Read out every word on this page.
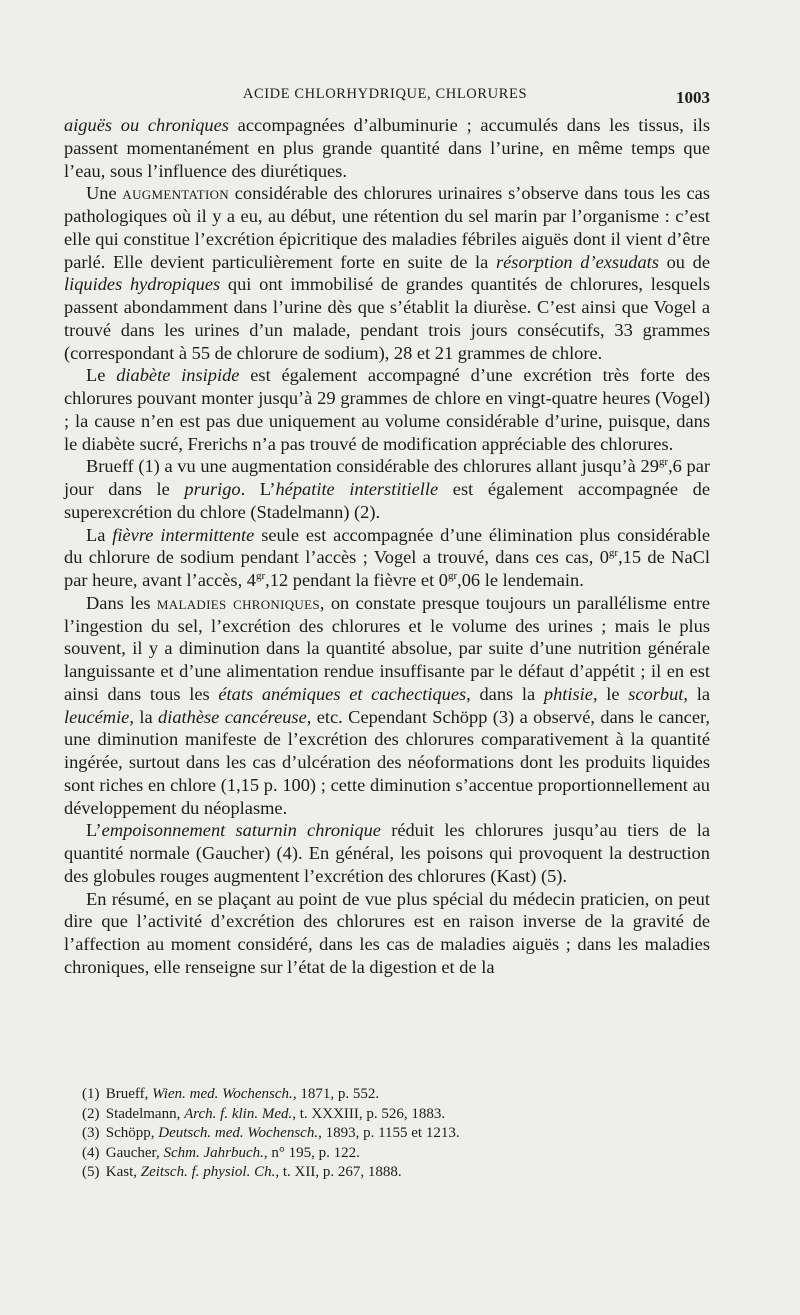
ACIDE CHLORHYDRIQUE, CHLORURES	1003

aiguës ou chroniques accompagnées d’albuminurie ; accumulés dans les tissus, ils passent momentanément en plus grande quantité dans l’urine, en même temps que l’eau, sous l’influence des diurétiques.

Une augmentation considérable des chlorures urinaires s’observe dans tous les cas pathologiques où il y a eu, au début, une rétention du sel marin par l’organisme : c’est elle qui constitue l’excrétion épicritique des maladies fébriles aiguës dont il vient d’être parlé. Elle devient particulièrement forte en suite de la résorption d’exsudats ou de liquides hydropiques qui ont immobilisé de grandes quantités de chlorures, lesquels passent abondamment dans l’urine dès que s’établit la diurèse. C’est ainsi que Vogel a trouvé dans les urines d’un malade, pendant trois jours consécutifs, 33 grammes (correspondant à 55 de chlorure de sodium), 28 et 21 grammes de chlore.

Le diabète insipide est également accompagné d’une excrétion très forte des chlorures pouvant monter jusqu’à 29 grammes de chlore en vingt-quatre heures (Vogel) ; la cause n’en est pas due uniquement au volume considérable d’urine, puisque, dans le diabète sucré, Frerichs n’a pas trouvé de modification appréciable des chlorures.

Brueff (1) a vu une augmentation considérable des chlorures allant jusqu’à $29^{gr},6$ par jour dans le prurigo. L’hépatite interstitielle est également accompagnée de superexcrétion du chlore (Stadelmann) (2).

La fièvre intermittente seule est accompagnée d’une élimination plus considérable du chlorure de sodium pendant l’accès ; Vogel a trouvé, dans ces cas, $0^{gr},15$ de NaCl par heure, avant l’accès, $4^{gr},12$ pendant la fièvre et $0^{gr},06$ le lendemain.

Dans les maladies chroniques, on constate presque toujours un parallélisme entre l’ingestion du sel, l’excrétion des chlorures et le volume des urines ; mais le plus souvent, il y a diminution dans la quantité absolue, par suite d’une nutrition générale languissante et d’une alimentation rendue insuffisante par le défaut d’appétit ; il en est ainsi dans tous les états anémiques et cachectiques, dans la phtisie, le scorbut, la leucémie, la diathèse cancéreuse, etc. Cependant Schöpp (3) a observé, dans le cancer, une diminution manifeste de l’excrétion des chlorures comparativement à la quantité ingérée, surtout dans les cas d’ulcération des néoformations dont les produits liquides sont riches en chlore (1,15 p. 100) ; cette diminution s’accentue proportionnellement au développement du néoplasme.

L’empoisonnement saturnin chronique réduit les chlorures jusqu’au tiers de la quantité normale (Gaucher) (4). En général, les poisons qui provoquent la destruction des globules rouges augmentent l’excrétion des chlorures (Kast) (5).

En résumé, en se plaçant au point de vue plus spécial du médecin praticien, on peut dire que l’activité d’excrétion des chlorures est en raison inverse de la gravité de l’affection au moment considéré, dans les cas de maladies aiguës ; dans les maladies chroniques, elle renseigne sur l’état de la digestion et de la

(1) Brueff, Wien. med. Wochensch., 1871, p. 552.

(2) Stadelmann, Arch. f. klin. Med., t. XXXIII, p. 526, 1883.

(3) Schöpp, Deutsch. med. Wochensch., 1893, p. 1155 et 1213.

(4) Gaucher, Schm. Jahrbuch., n° 195, p. 122.

(5) Kast, Zeitsch. f. physiol. Ch., t. XII, p. 267, 1888.
